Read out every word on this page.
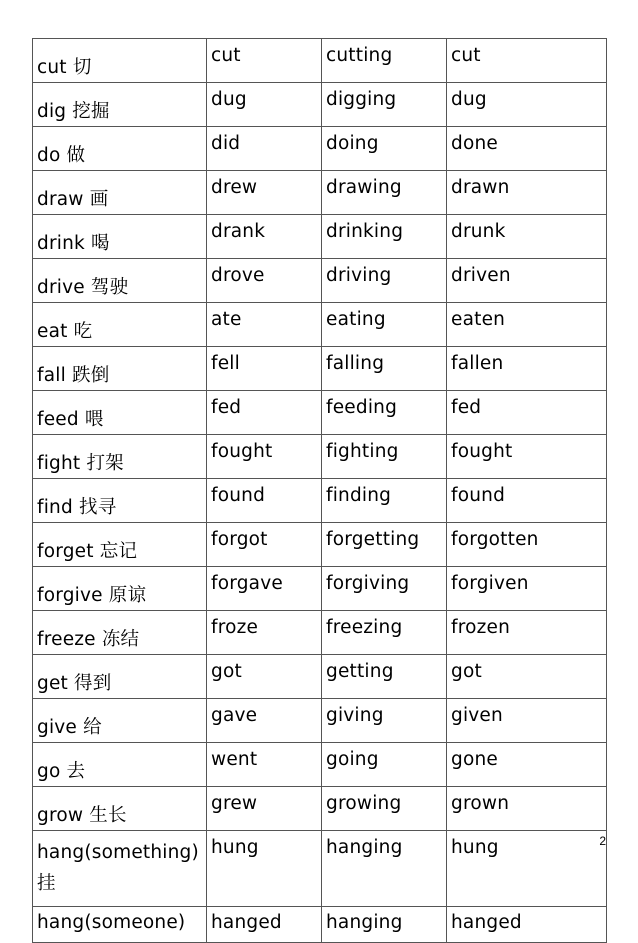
cut 切	cut	cutting	cut
dig 挖掘	dug	digging	dug
do 做	did	doing	done
draw 画	drew	drawing	drawn
drink 喝	drank	drinking	drunk
drive 驾驶	drove	driving	driven
eat 吃	ate	eating	eaten
fall 跌倒	fell	falling	fallen
feed 喂	fed	feeding	fed
fight 打架	fought	fighting	fought
find 找寻	found	finding	found
forget 忘记	forgot	forgetting	forgotten
forgive 原谅	forgave	forgiving	forgiven
freeze 冻结	froze	freezing	frozen
get 得到	got	getting	got
give 给	gave	giving	given
go 去	went	going	gone
grow 生长	grew	growing	grown
hang(something) 挂	hung	hanging	hung
hang(someone)	hanged	hanging	hanged
2
